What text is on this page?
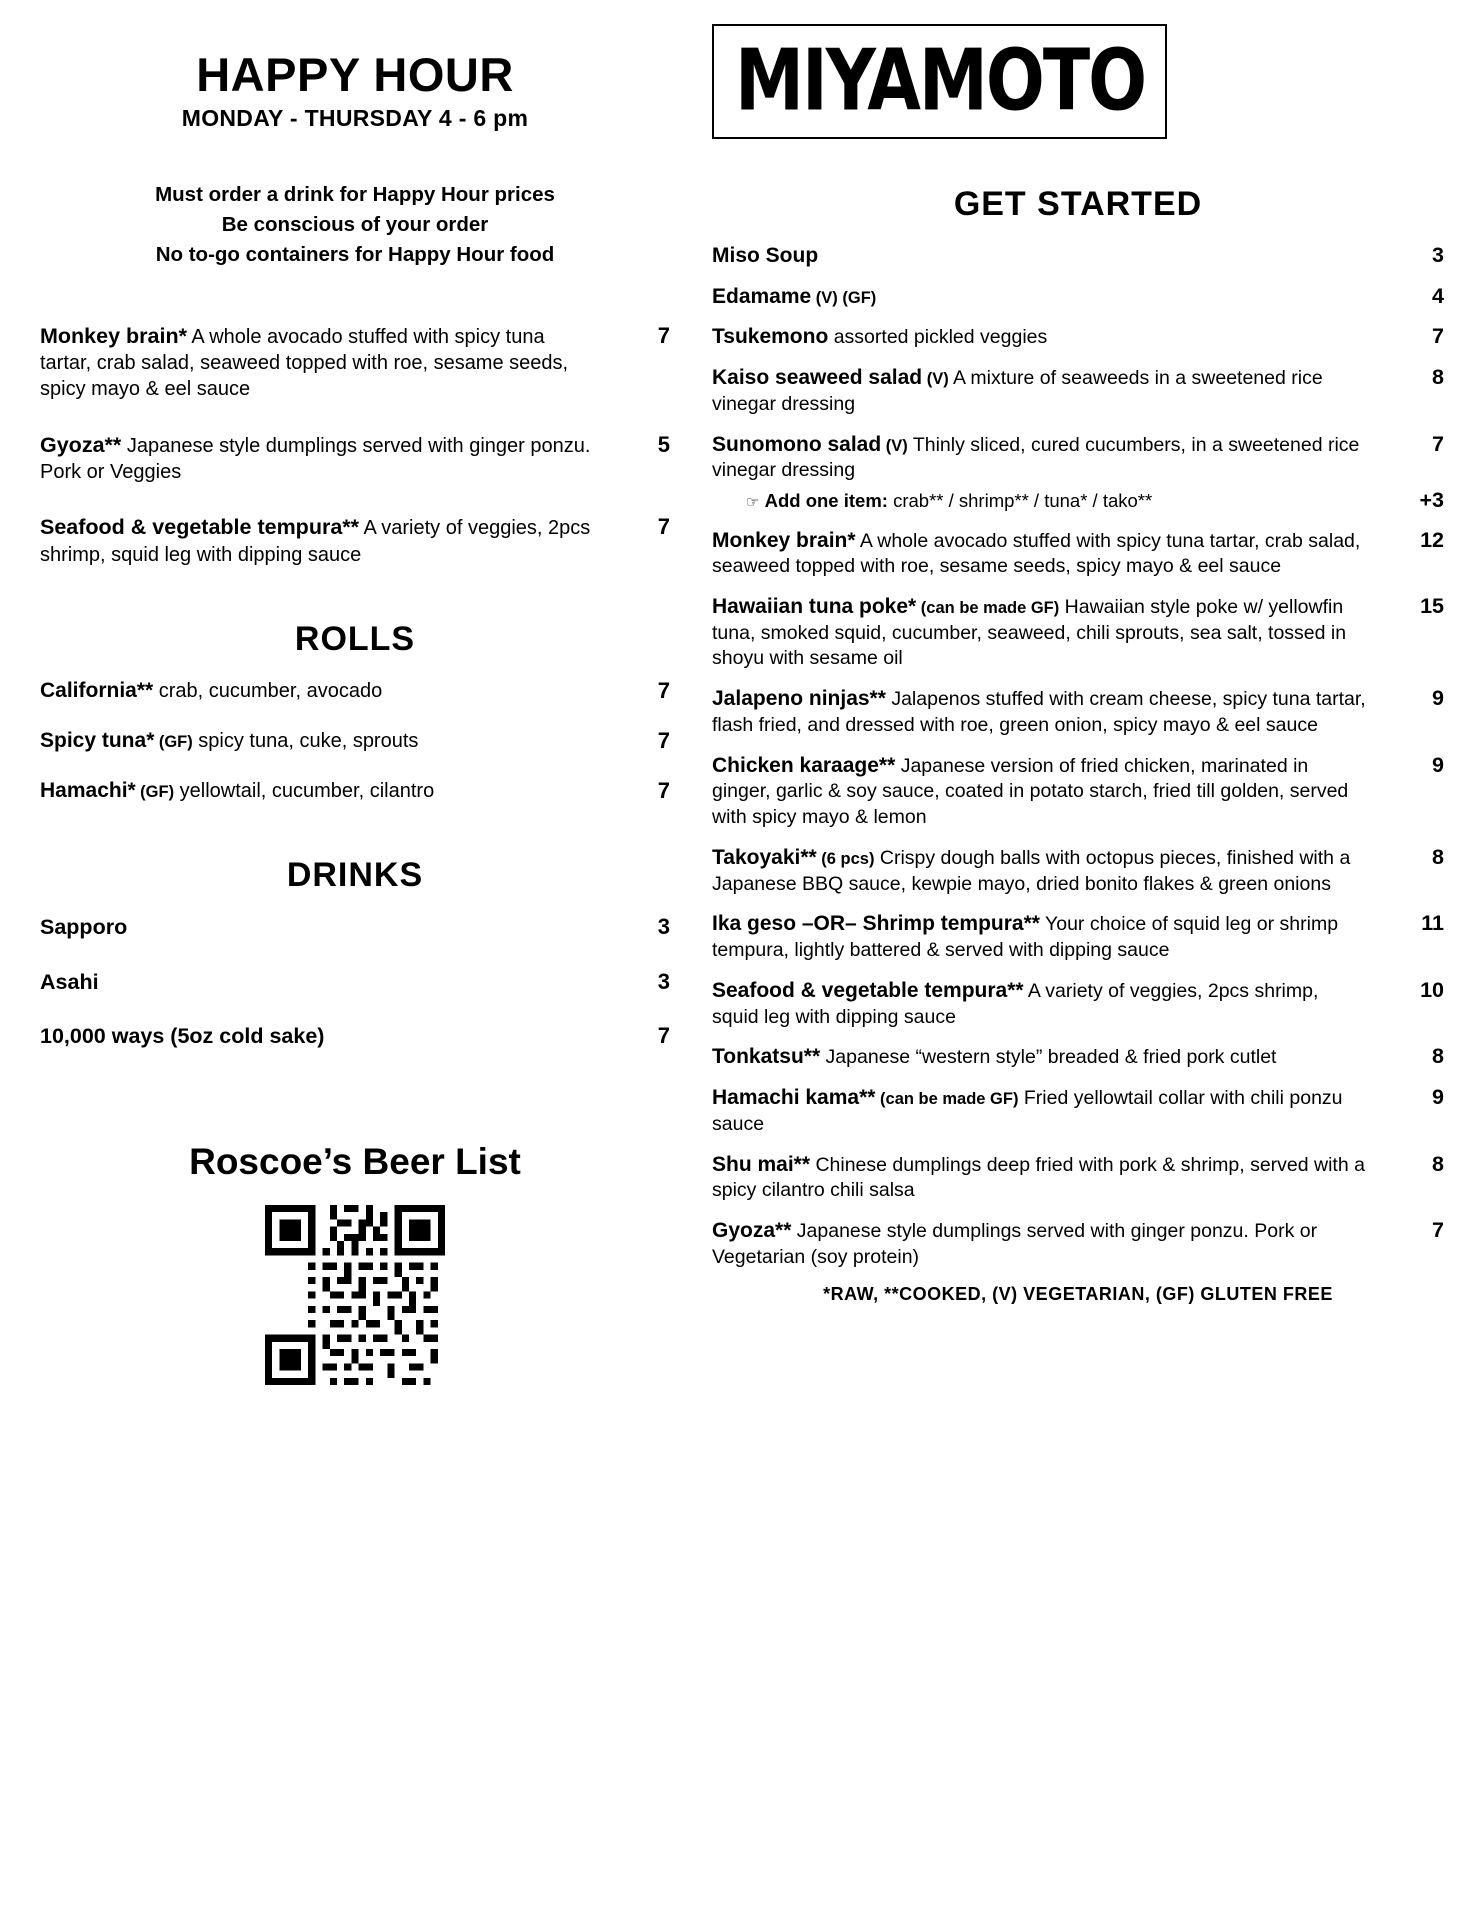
HAPPY HOUR
MONDAY - THURSDAY 4 - 6 pm
Must order a drink for Happy Hour prices
Be conscious of your order
No to-go containers for Happy Hour food
Monkey brain* A whole avocado stuffed with spicy tuna tartar, crab salad, seaweed topped with roe, sesame seeds, spicy mayo & eel sauce
7
Gyoza** Japanese style dumplings served with ginger ponzu. Pork or Veggies
5
Seafood & vegetable tempura** A variety of veggies, 2pcs shrimp, squid leg with dipping sauce
7
ROLLS
California** crab, cucumber, avocado	7
Spicy tuna* (GF) spicy tuna, cuke, sprouts	7
Hamachi* (GF) yellowtail, cucumber, cilantro	7
DRINKS
Sapporo	3
Asahi	3
10,000 ways (5oz cold sake)	7
Roscoe’s Beer List
MIYAMOTO
GET STARTED
Miso Soup	3
Edamame (V) (GF)	4
Tsukemono assorted pickled veggies	7
Kaiso seaweed salad (V) A mixture of seaweeds in a sweetened rice vinegar dressing
8
Sunomono salad (V) Thinly sliced, cured cucumbers, in a sweetened rice vinegar dressing
7
☞ Add one item: crab** / shrimp** / tuna* / tako**	+3
Monkey brain* A whole avocado stuffed with spicy tuna tartar, crab salad, seaweed topped with roe, sesame seeds, spicy mayo & eel sauce
12
Hawaiian tuna poke* (can be made GF) Hawaiian style poke w/ yellowfin tuna, smoked squid, cucumber, seaweed, chili sprouts, sea salt, tossed in shoyu with sesame oil
15
Jalapeno ninjas** Jalapenos stuffed with cream cheese, spicy tuna tartar, flash fried, and dressed with roe, green onion, spicy mayo & eel sauce
9
Chicken karaage** Japanese version of fried chicken, marinated in ginger, garlic & soy sauce, coated in potato starch, fried till golden, served with spicy mayo & lemon
9
Takoyaki** (6 pcs) Crispy dough balls with octopus pieces, finished with a Japanese BBQ sauce, kewpie mayo, dried bonito flakes & green onions
8
Ika geso –OR– Shrimp tempura** Your choice of squid leg or shrimp tempura, lightly battered & served with dipping sauce
11
Seafood & vegetable tempura** A variety of veggies, 2pcs shrimp, squid leg with dipping sauce
10
Tonkatsu** Japanese “western style” breaded & fried pork cutlet	8
Hamachi kama** (can be made GF) Fried yellowtail collar with chili ponzu sauce
9
Shu mai** Chinese dumplings deep fried with pork & shrimp, served with a spicy cilantro chili salsa
8
Gyoza** Japanese style dumplings served with ginger ponzu. Pork or Vegetarian (soy protein)
7
*RAW, **COOKED, (V) VEGETARIAN, (GF) GLUTEN FREE
